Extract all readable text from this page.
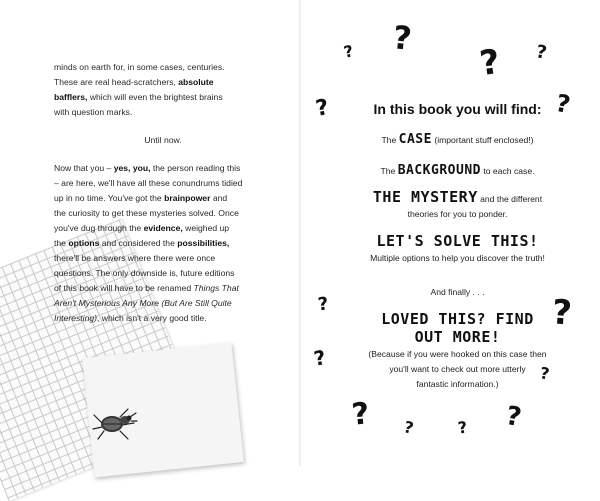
minds on earth for, in some cases, centuries.
These are real head-scratchers, absolute
bafflers, which will even the brightest brains
with question marks.

Until now.

Now that you – yes, you, the person reading this
– are here, we'll have all these conundrums tidied
up in no time. You've got the brainpower and
the curiosity to get these mysteries solved. Once
you've dug through the evidence, weighed up
the options and considered the possibilities,
there'll be answers where there were once
questions. The only downside is, future editions
of this book will have to be renamed Things That
Aren't Mysterious Any More (But Are Still Quite
Interesting), which isn't a very good title.

? ?
? ?
?	?
?	?
?
?
? ?	? ?
In this book you will find:
The CASE (important stuff enclosed!)
The BACKGROUND to each case.
THE MYSTERY and the different
theories for you to ponder.
LET'S SOLVE THIS!
Multiple options to help you discover the truth!
And finally . . .
LOVED THIS? FIND
OUT MORE!
(Because if you were hooked on this case then
you'll want to check out more utterly
fantastic information.)
